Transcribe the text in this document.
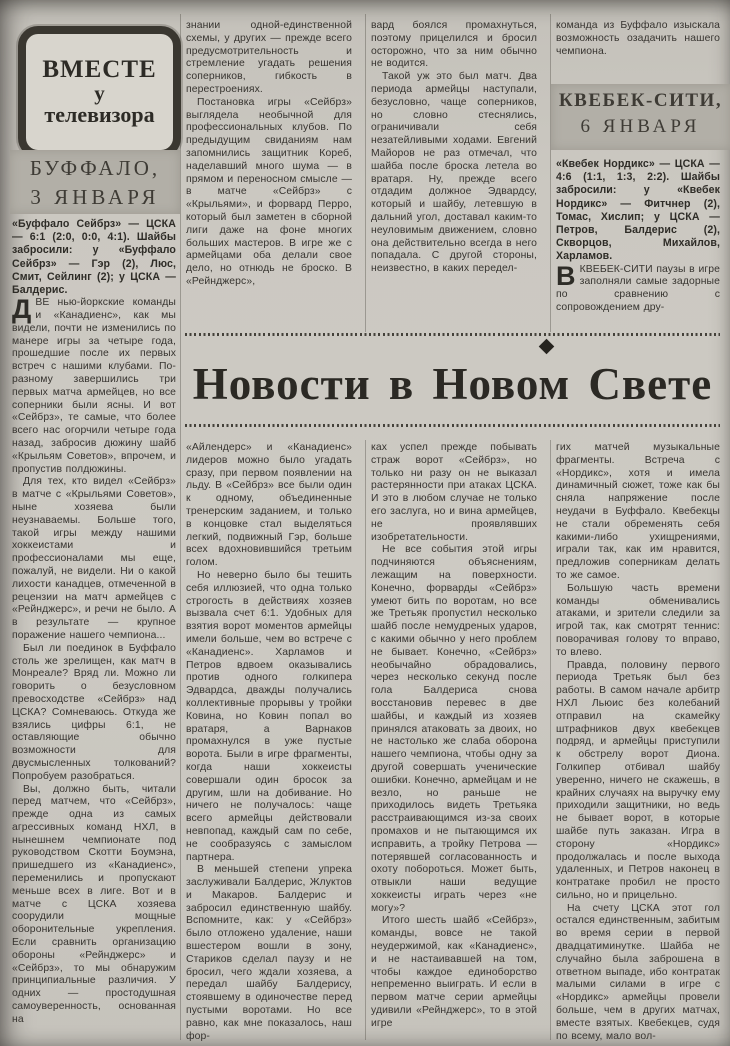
ВМЕСТЕ
у
телевизора
БУФФАЛО,
3 ЯНВАРЯ

«Буффало Сейбрз» — ЦСКА — 6:1 (2:0, 0:0, 4:1). Шайбы забросили: у «Буффало Сейбрз» — Гэр (2), Люс, Смит, Сейлинг (2); у ЦСКА — Балдерис.

ДВЕ нью-йоркские команды и «Канадиенс», как мы видели, почти не изменились по манере игры за четыре года, прошедшие после их первых встреч с нашими клубами. По-разному завершились три первых матча армейцев, но все соперники были ясны. И вот «Сейбрз», те самые, что более всего нас огорчили четыре года назад, забросив дюжину шайб «Крыльям Советов», впрочем, и пропустив полдюжины.

Для тех, кто видел «Сейбрз» в матче с «Крыльями Советов», ныне хозяева были неузнаваемы. Больше того, такой игры между нашими хоккеистами и профессионалами мы еще, пожалуй, не видели. Ни о какой лихости канадцев, отмеченной в рецензии на матч армейцев с «Рейнджерс», и речи не было. А в результате — крупное поражение нашего чемпиона...

Был ли поединок в Буффало столь же зрелищен, как матч в Монреале? Вряд ли. Можно ли говорить о безусловном превосходстве «Сейбрз» над ЦСКА? Сомневаюсь. Откуда же взялись цифры 6:1, не оставляющие обычно возможности для двусмысленных толкований? Попробуем разобраться.

Вы, должно быть, читали перед матчем, что «Сейбрз», прежде одна из самых агрессивных команд НХЛ, в нынешнем чемпионате под руководством Скотти Боумэна, пришедшего из «Канадиенс», переменились и пропускают меньше всех в лиге. Вот и в матче с ЦСКА хозяева соорудили мощные оборонительные укрепления. Если сравнить организацию обороны «Рейнджерс» и «Сейбрз», то мы обнаружим принципиальные различия. У одних — простодушная самоуверенность, основанная на

знании одной-единственной схемы, у других — прежде всего предусмотрительность и стремление угадать решения соперников, гибкость в перестроениях.

Постановка игры «Сейбрз» выглядела необычной для профессиональных клубов. По предыдущим свиданиям нам запомнились защитник Кореб, наделавший много шума — в прямом и переносном смысле — в матче «Сейбрз» с «Крыльями», и форвард Перро, который был заметен в сборной лиги даже на фоне многих больших мастеров. В игре же с армейцами оба делали свое дело, но отнюдь не броско. В «Рейнджерс»,

вард боялся промахнуться, поэтому прицелился и бросил осторожно, что за ним обычно не водится.

Такой уж это был матч. Два периода армейцы наступали, безусловно, чаще соперников, но словно стеснялись, ограничивали себя незатейливыми ходами. Евгений Майоров не раз отмечал, что шайба после броска летела во вратаря. Ну, прежде всего отдадим должное Эдвардсу, который и шайбу, летевшую в дальний угол, доставал каким-то неуловимым движением, словно она действительно всегда в него попадала. С другой стороны, неизвестно, в каких передел-

команда из Буффало изыскала возможность озадачить нашего чемпиона.

КВЕБЕК-СИТИ,
6 ЯНВАРЯ

«Квебек Нордикс» — ЦСКА — 4:6 (1:1, 1:3, 2:2). Шайбы забросили: у «Квебек Нордикс» — Фитчнер (2), Томас, Хислип; у ЦСКА — Петров, Балдерис (2), Скворцов, Михайлов, Харламов.

ВКВЕБЕК-СИТИ паузы в игре заполняли самые задорные по сравнению с сопровождением дру-

Новости в Новом Свете

«Айлендерс» и «Канадиенс» лидеров можно было угадать сразу, при первом появлении на льду. В «Сейбрз» все были один к одному, объединенные тренерским заданием, и только в концовке стал выделяться легкий, подвижный Гэр, больше всех вдохновившийся третьим голом.

Но неверно было бы тешить себя иллюзией, что одна только строгость в действиях хозяев вызвала счет 6:1. Удобных для взятия ворот моментов армейцы имели больше, чем во встрече с «Канадиенс». Харламов и Петров вдвоем оказывались против одного голкипера Эдвардса, дважды получались коллективные прорывы у тройки Ковина, но Ковин попал во вратаря, а Варнаков промахнулся в уже пустые ворота. Были в игре фрагменты, когда наши хоккеисты совершали один бросок за другим, шли на добивание. Но ничего не получалось: чаще всего армейцы действовали невпопад, каждый сам по себе, не сообразуясь с замыслом партнера.

В меньшей степени упрека заслуживали Балдерис, Жлуктов и Макаров. Балдерис и забросил единственную шайбу. Вспомните, как: у «Сейбрз» было отложено удаление, наши вшестером вошли в зону, Стариков сделал паузу и не бросил, чего ждали хозяева, а передал шайбу Балдерису, стоявшему в одиночестве перед пустыми воротами. Но все равно, как мне показалось, наш фор-

ках успел прежде побывать страж ворот «Сейбрз», но только ни разу он не выказал растерянности при атаках ЦСКА. И это в любом случае не только его заслуга, но и вина армейцев, не проявлявших изобретательности.

Не все события этой игры подчиняются объяснениям, лежащим на поверхности. Конечно, форварды «Сейбрз» умеют бить по воротам, но все же Третьяк пропустил несколько шайб после немудреных ударов, с какими обычно у него проблем не бывает. Конечно, «Сейбрз» необычайно обрадовались, через несколько секунд после гола Балдериса снова восстановив перевес в две шайбы, и каждый из хозяев принялся атаковать за двоих, но не настолько же слаба оборона нашего чемпиона, чтобы одну за другой совершать ученические ошибки. Конечно, армейцам и не везло, но раньше не приходилось видеть Третьяка расстраивающимся из-за своих промахов и не пытающимся их исправить, а тройку Петрова — потерявшей согласованность и охоту побороться. Может быть, отвыкли наши ведущие хоккеисты играть через «не могу»?

Итого шесть шайб «Сейбрз», команды, вовсе не такой неудержимой, как «Канадиенс», и не настаивавшей на том, чтобы каждое единоборство непременно выиграть. И если в первом матче серии армейцы удивили «Рейнджерс», то в этой игре

гих матчей музыкальные фрагменты. Встреча с «Нордикс», хотя и имела динамичный сюжет, тоже как бы сняла напряжение после неудачи в Буффало. Квебекцы не стали обременять себя какими-либо ухищрениями, играли так, как им нравится, предложив соперникам делать то же самое.

Большую часть времени команды обменивались атаками, и зрители следили за игрой так, как смотрят теннис: поворачивая голову то вправо, то влево.

Правда, половину первого периода Третьяк был без работы. В самом начале арбитр НХЛ Льюис без колебаний отправил на скамейку штрафников двух квебекцев подряд, и армейцы приступили к обстрелу ворот Диона. Голкипер отбивал шайбу уверенно, ничего не скажешь, в крайних случаях на выручку ему приходили защитники, но ведь не бывает ворот, в которые шайбе путь заказан. Игра в сторону «Нордикс» продолжалась и после выхода удаленных, и Петров наконец в контратаке пробил не просто сильно, но и прицельно.

На счету ЦСКА этот гол остался единственным, забитым во время серии в первой двадцатиминутке. Шайба не случайно была заброшена в ответном выпаде, ибо контратак малыми силами в игре с «Нордикс» армейцы провели больше, чем в других матчах, вместе взятых. Квебекцев, судя по всему, мало вол-
